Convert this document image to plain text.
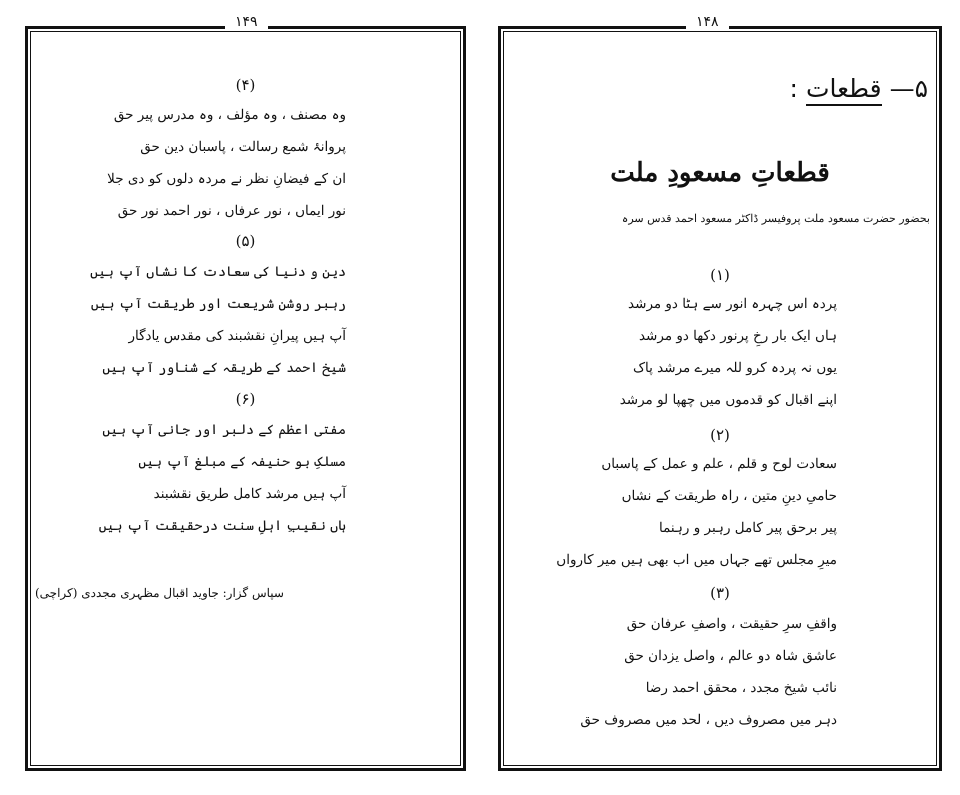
۱۴۹
(۴)
وہ مصنف ، وہ مؤلف ، وہ مدرس پیر حق
پروانۂ شمع رسالت ، پاسبان دین حق
ان کے فیضانِ نظر نے مردہ دلوں کو دی جلا
نور ایماں ، نور عرفاں ، نور احمد نور حق
(۵)
دین و دنیا کی سعادت کا نشاں آپ ہیں
رہبر روشن شریعت اور طریقت آپ ہیں
آپ ہیں پیرانِ نقشبند کی مقدس یادگار
شیخ احمد کے طریقہ کے شناور آپ ہیں
(۶)
مفتی اعظم کے دلبر اور جانی آپ ہیں
مسلکِ بو حنیفہ کے مبلغ آپ ہیں
آپ ہیں مرشد کامل طریق نقشبند
ہاں نقیبِ اہلِ سنت درحقیقت آپ ہیں
سپاس گزار: جاوید اقبال مظہری مجددی (کراچی)
۱۴۸
۵— قطعات :
قطعاتِ مسعودِ ملت
بحضور حضرت مسعود ملت پروفیسر ڈاکٹر مسعود احمد قدس سرہ
(۱)
پردہ اس چہرہ انور سے ہٹا دو مرشد
ہاں ایک بار رخِ پرنور دکھا دو مرشد
یوں نہ پردہ کرو للہ میرے مرشد پاک
اپنے اقبال کو قدموں میں چھپا لو مرشد
(۲)
سعادت لوح و قلم ، علم و عمل کے پاسباں
حامیِ دینِ متین ، راہ طریقت کے نشاں
پیر برحق پیر کامل رہبر و رہنما
میرِ مجلس تھے جہاں میں اب بھی ہیں میر کارواں
(۳)
واقفِ سرِ حقیقت ، واصفِ عرفان حق
عاشق شاہ دو عالم ، واصل یزدان حق
نائب شیخ مجدد ، محقق احمد رضا
دہر میں مصروف دیں ، لحد میں مصروف حق
